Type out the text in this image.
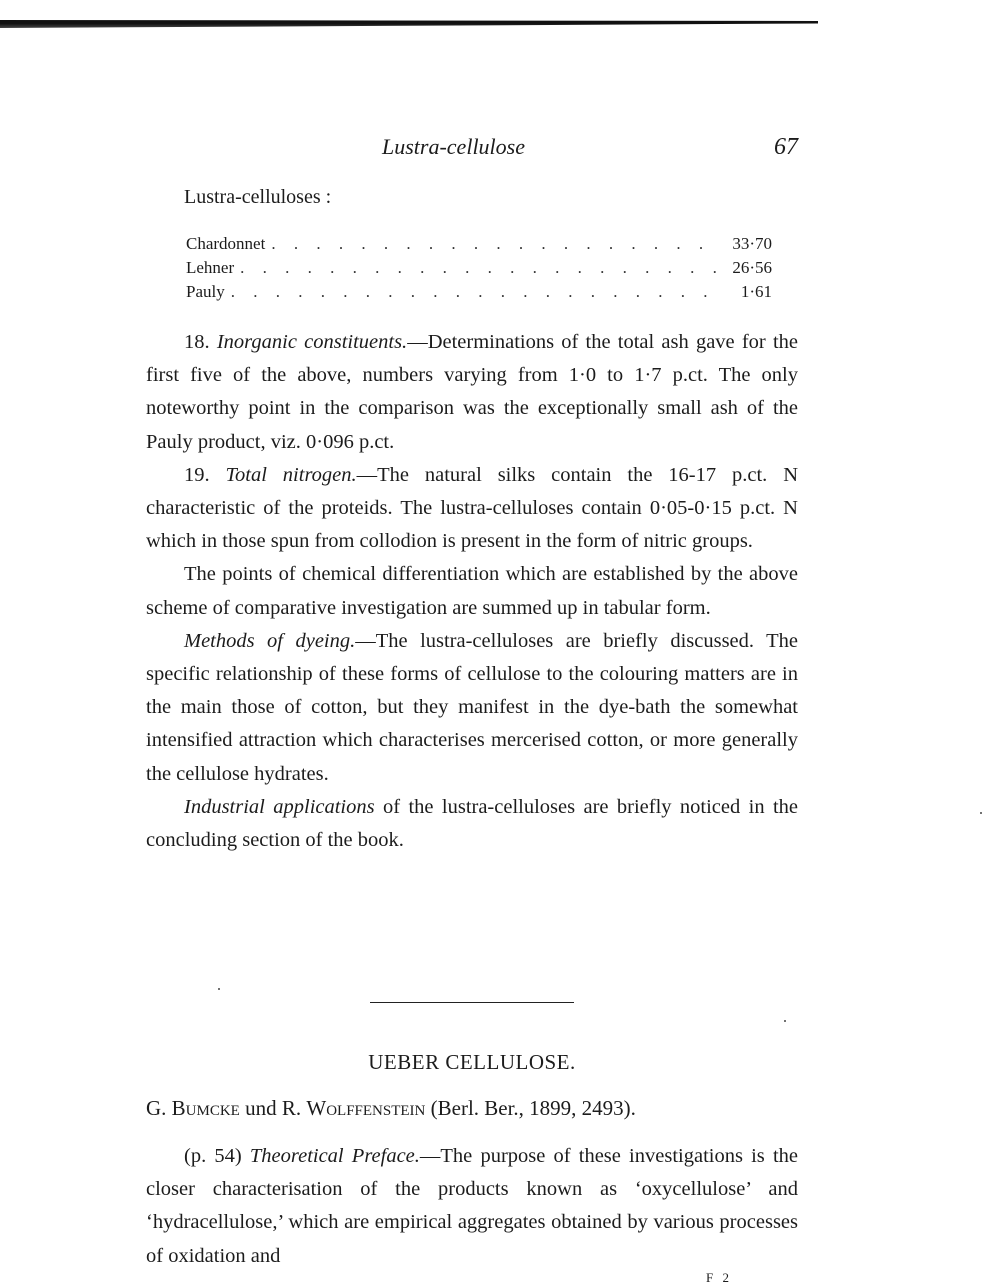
Lustra-cellulose	67
Lustra-celluloses :
Chardonnet . . .	33·70
Lehner . . .	26·56
Pauly . . .	1·61

18. Inorganic constituents.—Determinations of the total ash gave for the first five of the above, numbers varying from 1·0 to 1·7 p.ct. The only noteworthy point in the comparison was the exceptionally small ash of the Pauly product, viz. 0·096 p.ct.

19. Total nitrogen.—The natural silks contain the 16-17 p.ct. N characteristic of the proteids. The lustra-celluloses contain 0·05-0·15 p.ct. N which in those spun from collodion is present in the form of nitric groups.

The points of chemical differentiation which are established by the above scheme of comparative investigation are summed up in tabular form.

Methods of dyeing.—The lustra-celluloses are briefly discussed. The specific relationship of these forms of cellulose to the colouring matters are in the main those of cotton, but they manifest in the dye-bath the somewhat intensified attraction which characterises mercerised cotton, or more generally the cellulose hydrates.

Industrial applications of the lustra-celluloses are briefly noticed in the concluding section of the book.

UEBER CELLULOSE.
G. Bumcke und R. Wolffenstein (Berl. Ber., 1899, 2493).

(p. 54) Theoretical Preface.—The purpose of these investigations is the closer characterisation of the products known as ‘oxycellulose’ and ‘hydracellulose,’ which are empirical aggregates obtained by various processes of oxidation and

F 2
